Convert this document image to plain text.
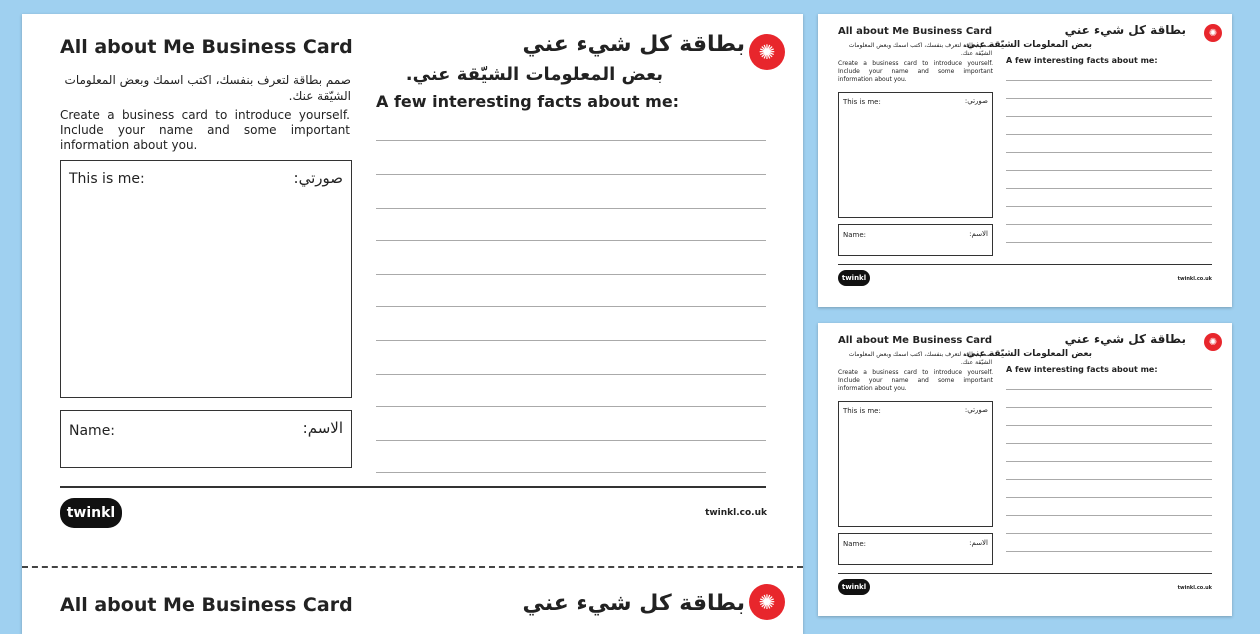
All about Me Business Card	بطاقة كل شيء عني ✺
صمم بطاقة لتعرف بنفسك، اكتب اسمك وبعض المعلومات الشيّقة عنك.
Create a business card to introduce yourself. Include your name and some important information about you.
بعض المعلومات الشيّقة عني.
A few interesting facts about me:
This is me:	صورتي:
Name:	الاسم:
twinkl	twinkl.co.uk
All about Me Business Card	بطاقة كل شيء عني ✺
All about Me Business Card	بطاقة كل شيء عني	✺
صمم بطاقة لتعرف بنفسك، اكتب اسمك وبعض المعلومات الشيّقة عنك.
Create a business card to introduce yourself. Include your name and some important information about you.
بعض المعلومات الشيّقة عني.
A few interesting facts about me:
This is me:	صورتي:
Name:	الاسم:
twinkl	twinkl.co.uk
All about Me Business Card	بطاقة كل شيء عني	✺
صمم بطاقة لتعرف بنفسك، اكتب اسمك وبعض المعلومات الشيّقة عنك.
Create a business card to introduce yourself. Include your name and some important information about you.
بعض المعلومات الشيّقة عني.
A few interesting facts about me:
This is me:	صورتي:
Name:	الاسم:
twinkl	twinkl.co.uk
